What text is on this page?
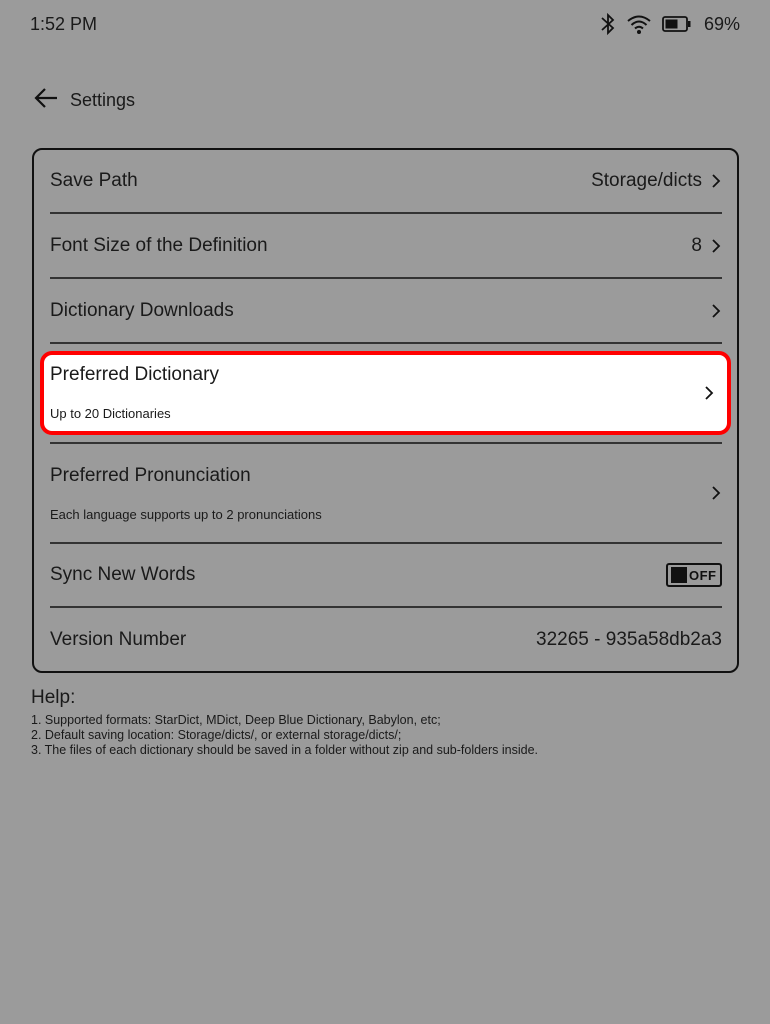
1:52 PM	69%
Settings
Save Path	Storage/dicts
Font Size of the Definition	8
Dictionary Downloads
Preferred Pronunciation
Each language supports up to 2 pronunciations
Sync New Words	OFF
Version Number	32265 - 935a58db2a3
Preferred Dictionary
Up to 20 Dictionaries
Help:
1. Supported formats: StarDict, MDict, Deep Blue Dictionary, Babylon, etc;
2. Default saving location: Storage/dicts/, or external storage/dicts/;
3. The files of each dictionary should be saved in a folder without zip and sub-folders inside.
